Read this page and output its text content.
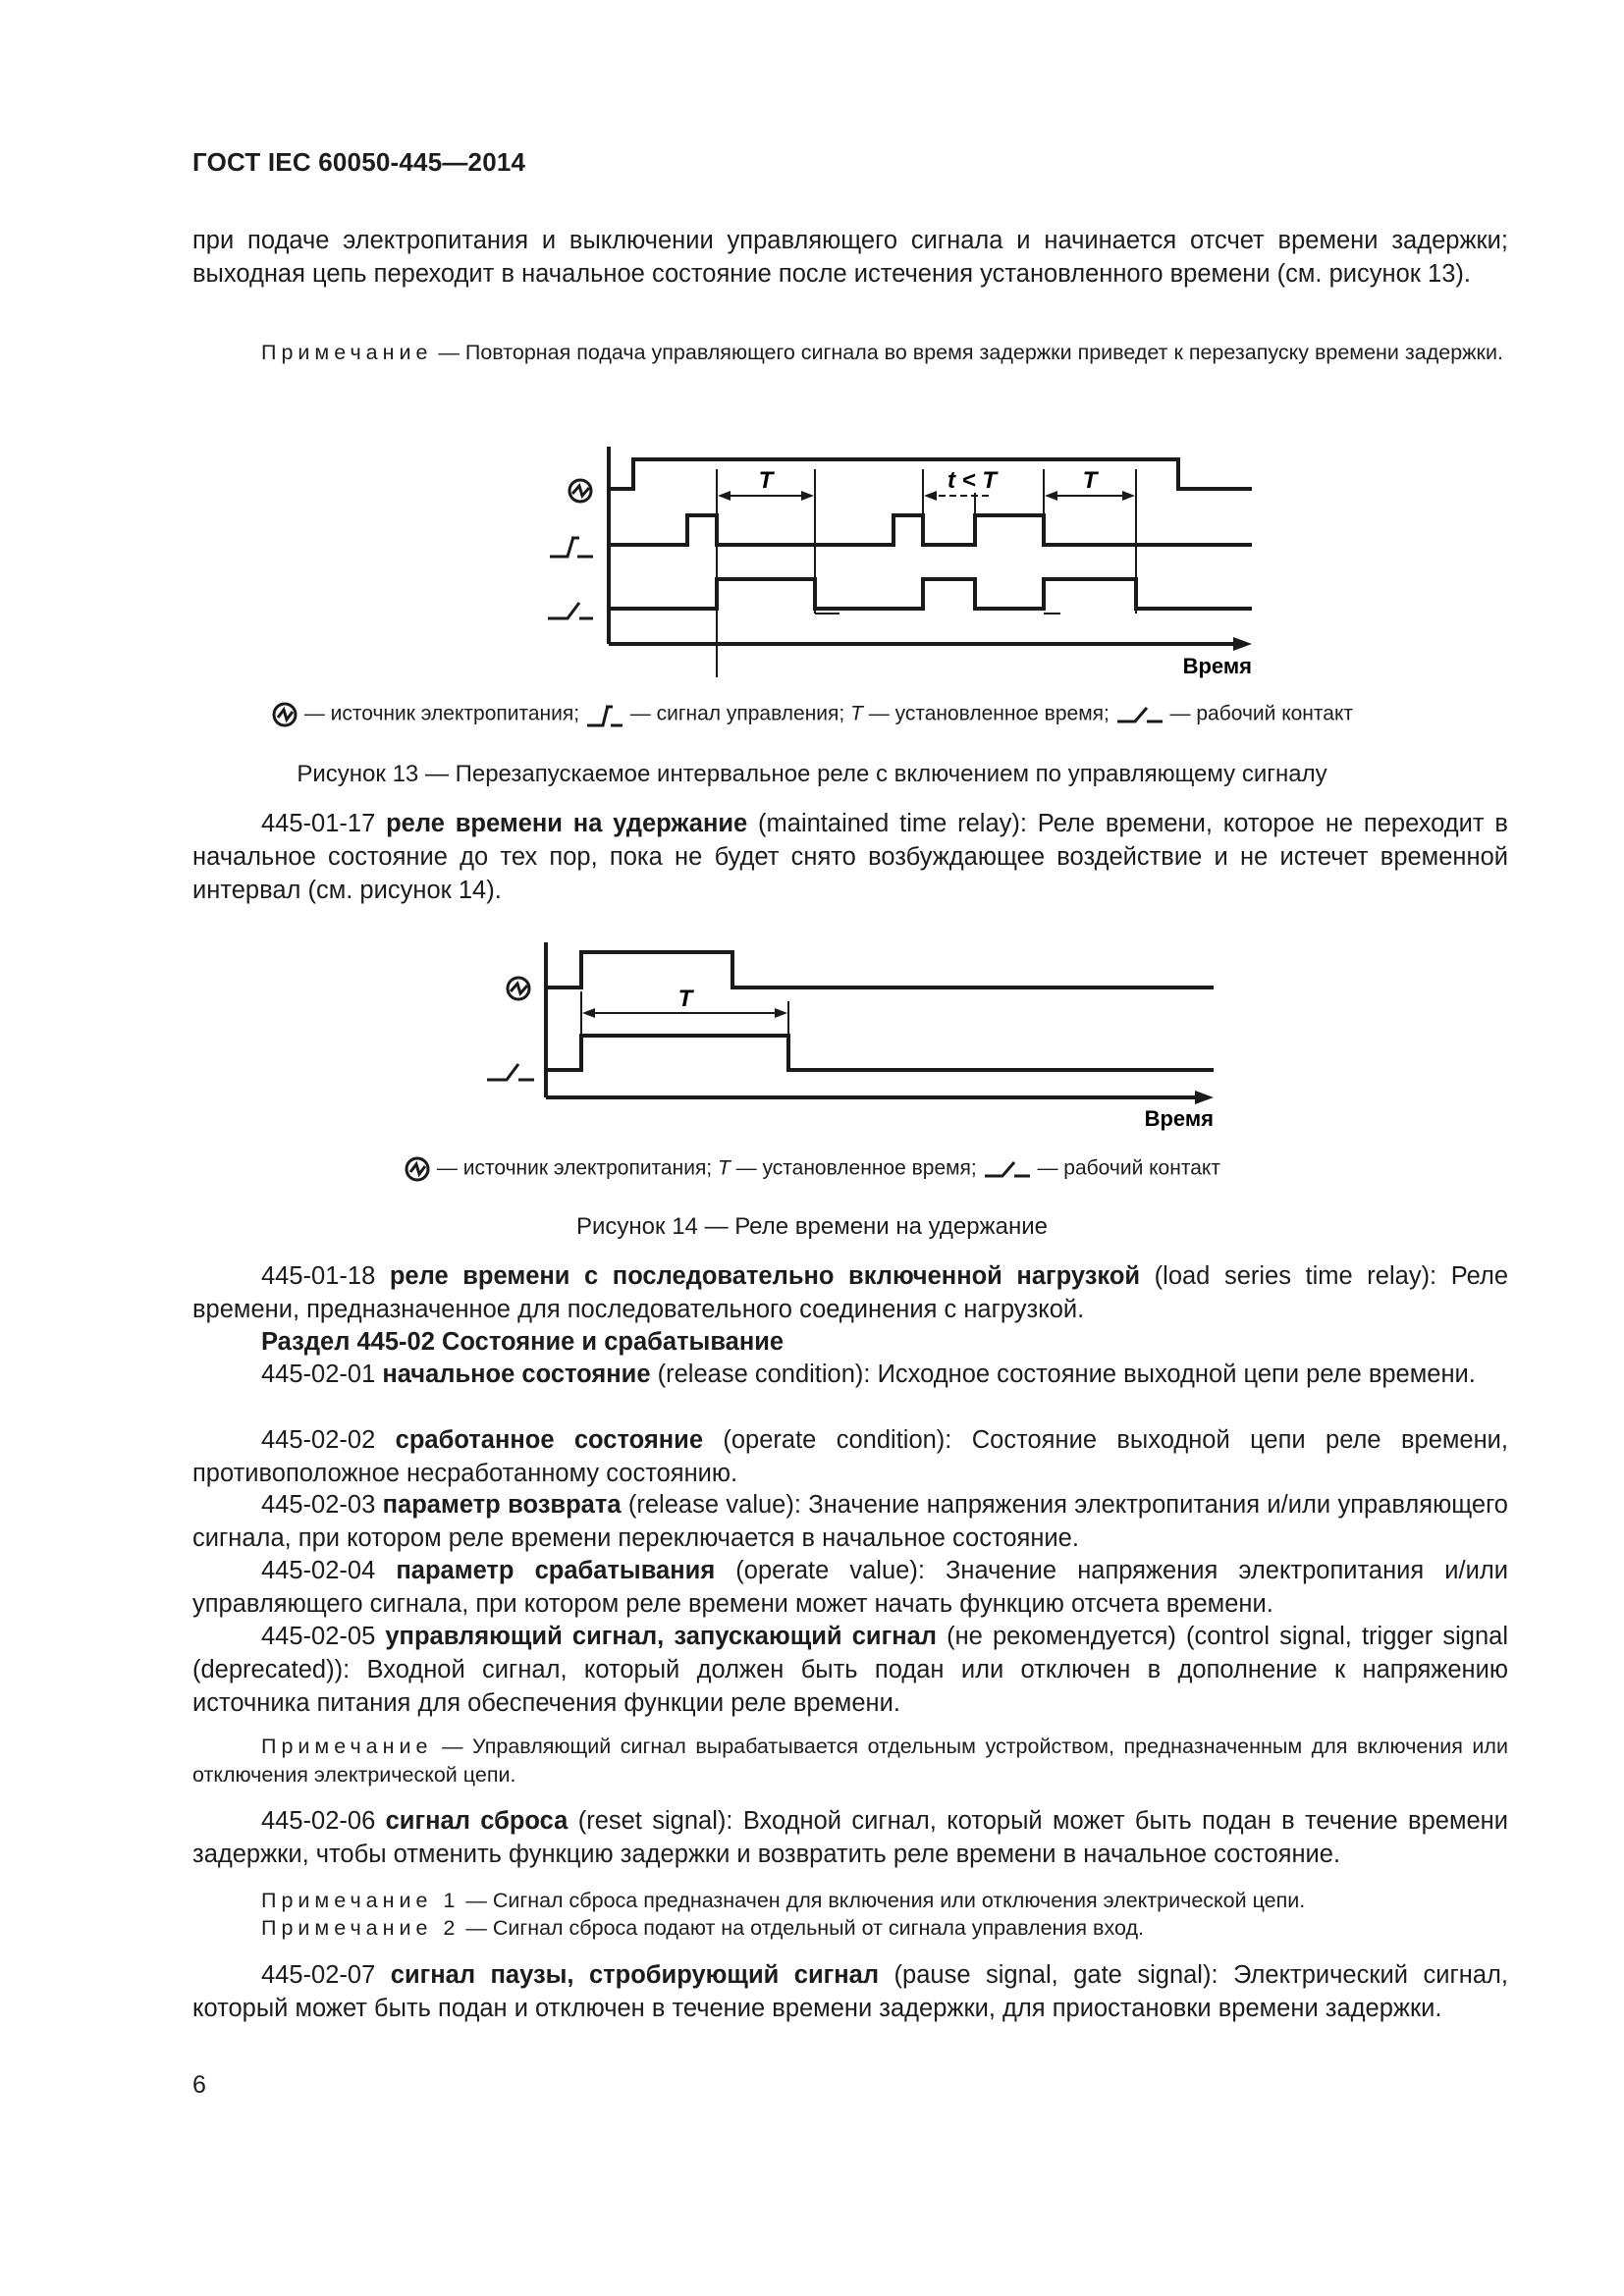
ГОСТ IEC 60050-445—2014
при подаче электропитания и выключении управляющего сигнала и начинается отсчет времени задержки; выходная цепь переходит в начальное состояние после истечения установленного времени (см. рисунок 13).
Примечание — Повторная подача управляющего сигнала во время задержки приведет к перезапуску времени задержки.
T	t < T	T
Время
— источник электропитания; — сигнал управления; T — установленное время;	— рабочий контакт
Рисунок 13 — Перезапускаемое интервальное реле с включением по управляющему сигналу
445-01-17 реле времени на удержание (maintained time relay): Реле времени, которое не переходит в начальное состояние до тех пор, пока не будет снято возбуждающее воздействие и не истечет временной интервал (см. рисунок 14).
T
Время
— источник электропитания; T — установленное время;	— рабочий контакт
Рисунок 14 — Реле времени на удержание
445-01-18 реле времени с последовательно включенной нагрузкой (load series time relay): Реле времени, предназначенное для последовательного соединения с нагрузкой.
Раздел 445-02 Состояние и срабатывание
445-02-01 начальное состояние (release condition): Исходное состояние выходной цепи реле времени.
445-02-02 сработанное состояние (operate condition): Состояние выходной цепи реле времени, противоположное несработанному состоянию.
445-02-03 параметр возврата (release value): Значение напряжения электропитания и/или управляющего сигнала, при котором реле времени переключается в начальное состояние.
445-02-04 параметр срабатывания (operate value): Значение напряжения электропитания и/или управляющего сигнала, при котором реле времени может начать функцию отсчета времени.
445-02-05 управляющий сигнал, запускающий сигнал (не рекомендуется) (control signal, trigger signal (deprecated)): Входной сигнал, который должен быть подан или отключен в дополнение к напряжению источника питания для обеспечения функции реле времени.
Примечание — Управляющий сигнал вырабатывается отдельным устройством, предназначенным для включения или отключения электрической цепи.
445-02-06 сигнал сброса (reset signal): Входной сигнал, который может быть подан в течение времени задержки, чтобы отменить функцию задержки и возвратить реле времени в начальное состояние.
Примечание 1 — Сигнал сброса предназначен для включения или отключения электрической цепи.
Примечание 2 — Сигнал сброса подают на отдельный от сигнала управления вход.
445-02-07 сигнал паузы, стробирующий сигнал (pause signal, gate signal): Электрический сигнал, который может быть подан и отключен в течение времени задержки, для приостановки времени задержки.
6
